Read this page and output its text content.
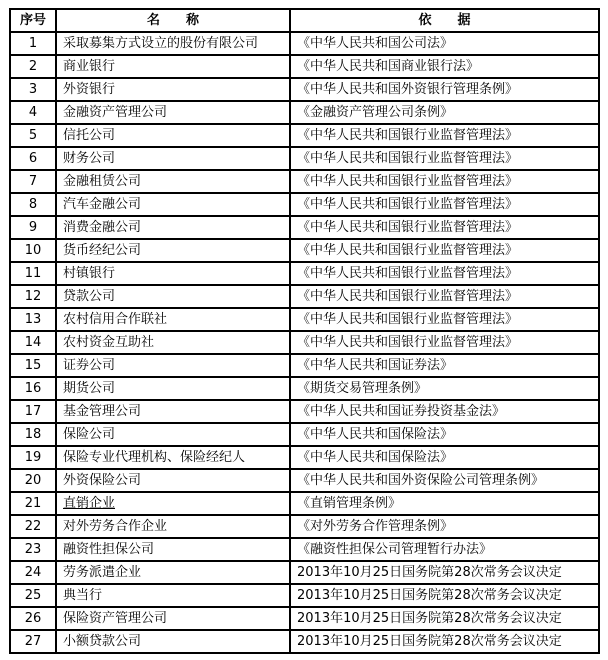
序号	名　　称	依　　据
1	采取募集方式设立的股份有限公司	《中华人民共和国公司法》
2	商业银行	《中华人民共和国商业银行法》
3	外资银行	《中华人民共和国外资银行管理条例》
4	金融资产管理公司	《金融资产管理公司条例》
5	信托公司	《中华人民共和国银行业监督管理法》
6	财务公司	《中华人民共和国银行业监督管理法》
7	金融租赁公司	《中华人民共和国银行业监督管理法》
8	汽车金融公司	《中华人民共和国银行业监督管理法》
9	消费金融公司	《中华人民共和国银行业监督管理法》
10	货币经纪公司	《中华人民共和国银行业监督管理法》
11	村镇银行	《中华人民共和国银行业监督管理法》
12	贷款公司	《中华人民共和国银行业监督管理法》
13	农村信用合作联社	《中华人民共和国银行业监督管理法》
14	农村资金互助社	《中华人民共和国银行业监督管理法》
15	证券公司	《中华人民共和国证券法》
16	期货公司	《期货交易管理条例》
17	基金管理公司	《中华人民共和国证券投资基金法》
18	保险公司	《中华人民共和国保险法》
19	保险专业代理机构、保险经纪人	《中华人民共和国保险法》
20	外资保险公司	《中华人民共和国外资保险公司管理条例》
21	直销企业	《直销管理条例》
22	对外劳务合作企业	《对外劳务合作管理条例》
23	融资性担保公司	《融资性担保公司管理暂行办法》
24	劳务派遣企业	2013年10月25日国务院第28次常务会议决定
25	典当行	2013年10月25日国务院第28次常务会议决定
26	保险资产管理公司	2013年10月25日国务院第28次常务会议决定
27	小额贷款公司	2013年10月25日国务院第28次常务会议决定
